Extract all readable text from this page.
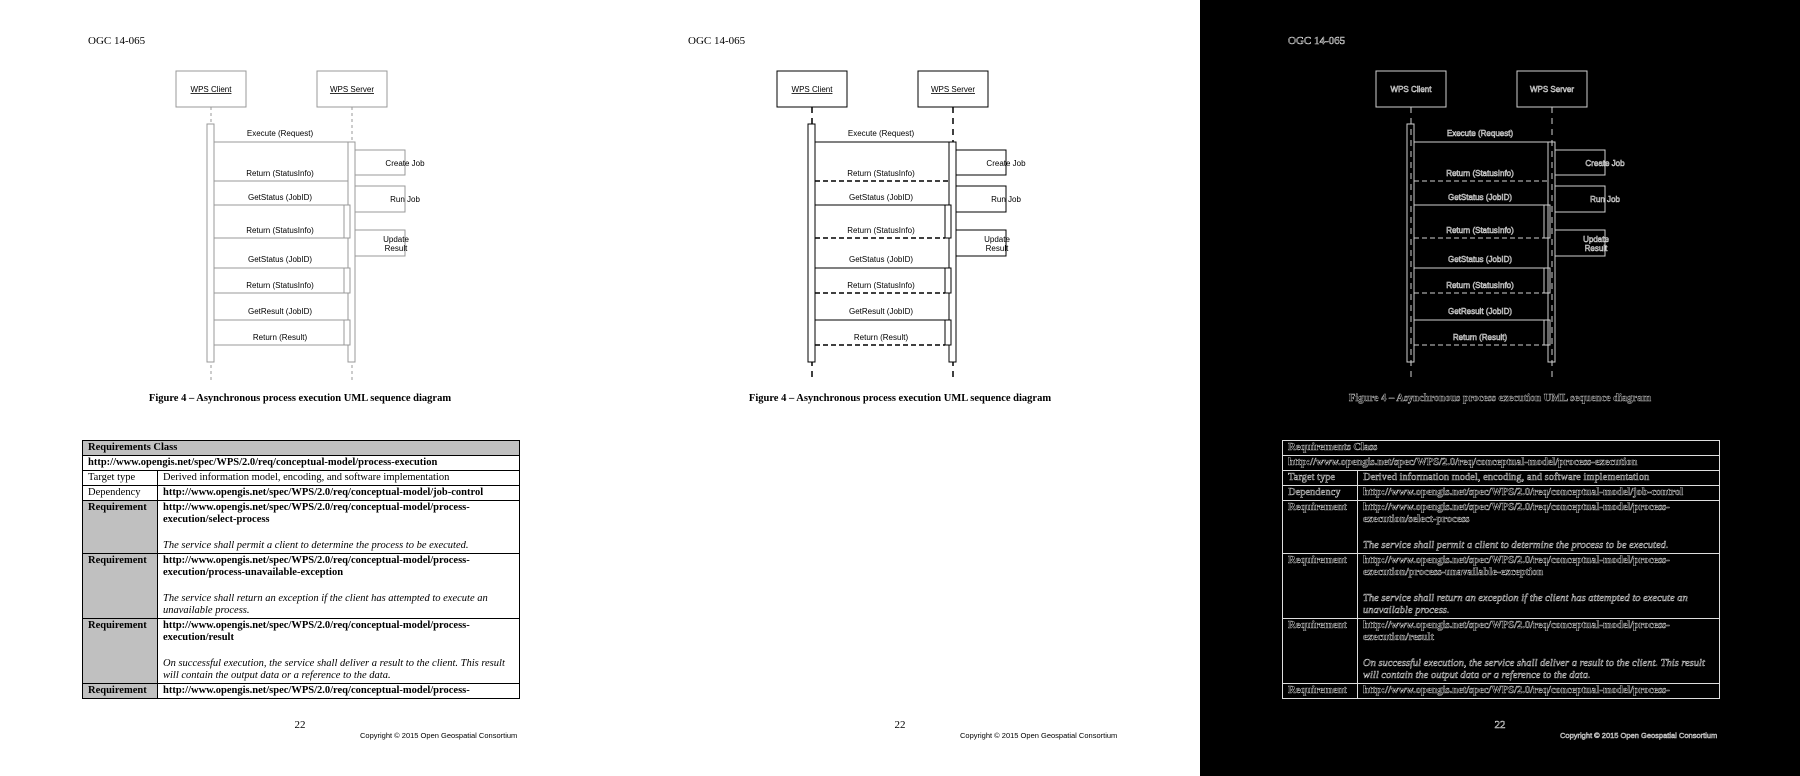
OGC 14-065
WPS Client	WPS Server
Execute (Request)
Return (StatusInfo)
GetStatus (JobID)
Return (StatusInfo)
GetStatus (JobID)
Return (StatusInfo)
GetResult (JobID)
Return (Result)
Create Job
Run Job
Update
Result
Figure 4 – Asynchronous process execution UML sequence diagram
Requirements Class	
http://www.opengis.net/spec/WPS/2.0/req/conceptual-model/process-execution	
Target type	Derived information model, encoding, and software implementation
Dependency	http://www.opengis.net/spec/WPS/2.0/req/conceptual-model/job-control
Requirement	http://www.opengis.net/spec/WPS/2.0/req/conceptual-model/process-
execution/select-process
The service shall permit a client to determine the process to be executed.

Requirement	http://www.opengis.net/spec/WPS/2.0/req/conceptual-model/process-
execution/process-unavailable-exception
The service shall return an exception if the client has attempted to execute an unavailable process.

Requirement	http://www.opengis.net/spec/WPS/2.0/req/conceptual-model/process-
execution/result
On successful execution, the service shall deliver a result to the client. This result will contain the output data or a reference to the data.

Requirement	http://www.opengis.net/spec/WPS/2.0/req/conceptual-model/process-
22
Copyright © 2015 Open Geospatial Consortium
OGC 14-065
WPS Client	WPS Server
Execute (Request)
Return (StatusInfo)
GetStatus (JobID)
Return (StatusInfo)
GetStatus (JobID)
Return (StatusInfo)
GetResult (JobID)
Return (Result)
Create Job
Run Job
Update
Result
Figure 4 – Asynchronous process execution UML sequence diagram

22
Copyright © 2015 Open Geospatial Consortium
OGC 14-065
WPS Client	WPS Server
Execute (Request)
Return (StatusInfo)
GetStatus (JobID)
Return (StatusInfo)
GetStatus (JobID)
Return (StatusInfo)
GetResult (JobID)
Return (Result)
Create Job
Run Job
Update
Result
Figure 4 – Asynchronous process execution UML sequence diagram
Requirements Class	
http://www.opengis.net/spec/WPS/2.0/req/conceptual-model/process-execution	
Target type	Derived information model, encoding, and software implementation
Dependency	http://www.opengis.net/spec/WPS/2.0/req/conceptual-model/job-control
Requirement	http://www.opengis.net/spec/WPS/2.0/req/conceptual-model/process-
execution/select-process
The service shall permit a client to determine the process to be executed.

Requirement	http://www.opengis.net/spec/WPS/2.0/req/conceptual-model/process-
execution/process-unavailable-exception
The service shall return an exception if the client has attempted to execute an unavailable process.

Requirement	http://www.opengis.net/spec/WPS/2.0/req/conceptual-model/process-
execution/result
On successful execution, the service shall deliver a result to the client. This result will contain the output data or a reference to the data.

Requirement	http://www.opengis.net/spec/WPS/2.0/req/conceptual-model/process-
22
Copyright © 2015 Open Geospatial Consortium
